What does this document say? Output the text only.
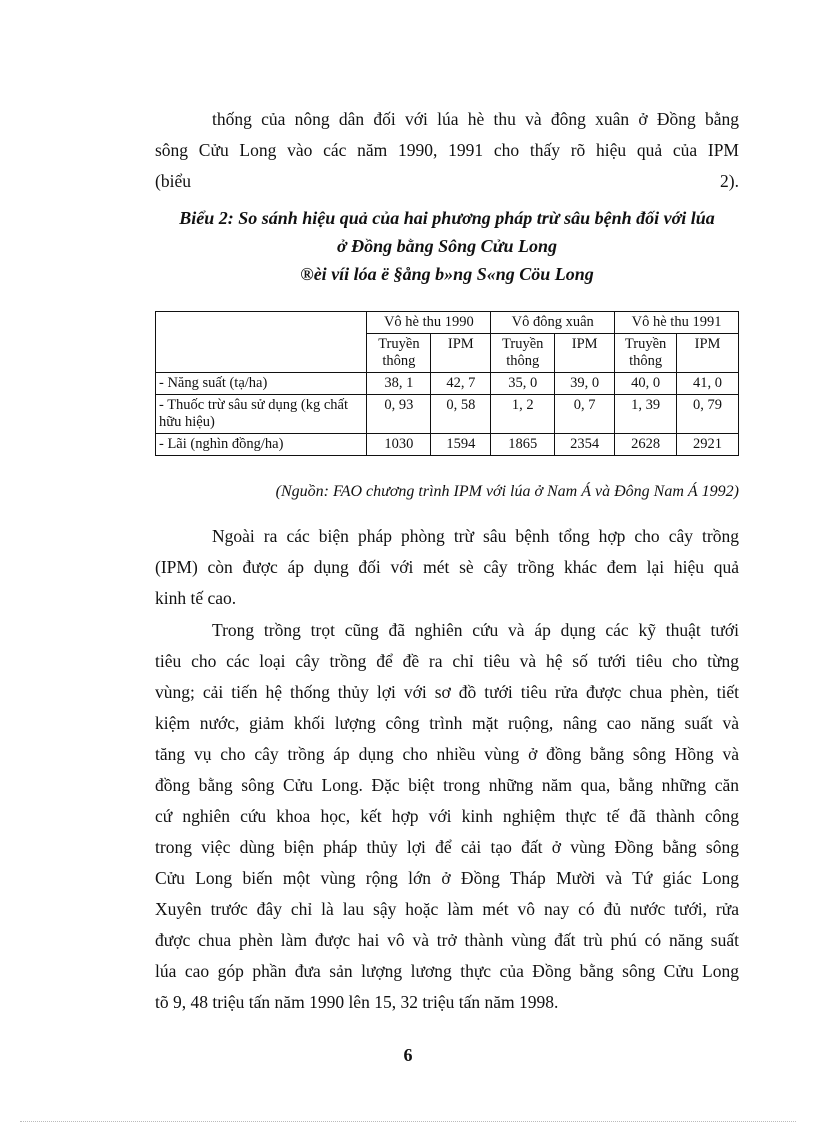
thống của nông dân đối với lúa hè thu và đông xuân ở Đồng bằng
sông Cửu Long vào các năm 1990, 1991 cho thấy rõ hiệu quả của IPM
(biểu                                                                                        2).

Biểu 2: So sánh hiệu quả của hai phương pháp trừ sâu bệnh đối với lúa

ở Đồng bằng Sông Cửu Long

®èi víi lóa ë §ång b»ng S«ng Cöu Long

	Vô hè thu 1990		Vô đông xuân		Vô hè thu 1991	
	Truyền thông	IPM	Truyền thông	IPM	Truyền thông	IPM
- Năng suất (tạ/ha)	38, 1	42, 7	35, 0	39, 0	40, 0	41, 0
- Thuốc trừ sâu sử dụng (kg chất hữu hiệu)	0, 93	0, 58	1, 2	0, 7	1, 39	0, 79
- Lãi (nghìn đồng/ha)	1030	1594	1865	2354	2628	2921

(Nguồn: FAO chương trình IPM với lúa ở Nam Á và Đông Nam Á 1992)

Ngoài ra các biện pháp phòng trừ sâu bệnh tổng hợp cho cây trồng
(IPM) còn được áp dụng đối với mét sè cây trồng khác đem lại hiệu quả
kinh tế cao.
Trong trồng trọt cũng đã nghiên cứu và áp dụng các kỹ thuật tưới
tiêu cho các loại cây trồng để đề ra chỉ tiêu và hệ số tưới tiêu cho từng
vùng; cải tiến hệ thống thủy lợi với sơ đồ tưới tiêu rửa được chua phèn, tiết
kiệm nước, giảm khối lượng công trình mặt ruộng, nâng cao năng suất và
tăng vụ cho cây trồng áp dụng cho nhiều vùng ở đồng bằng sông Hồng và
đồng bằng sông Cửu Long. Đặc biệt trong những năm qua, bằng những căn
cứ nghiên cứu khoa học, kết hợp với kinh nghiệm thực tế đã thành công
trong việc dùng biện pháp thủy lợi để cải tạo đất ở vùng Đồng bằng sông
Cửu Long biến một vùng rộng lớn ở Đồng Tháp Mười và Tứ giác Long
Xuyên trước đây chỉ là lau sậy hoặc làm mét vô nay có đủ nước tưới, rửa
được chua phèn làm được hai vô và trở thành vùng đất trù phú có năng suất
lúa cao góp phần đưa sản lượng lương thực của Đồng bằng sông Cửu Long
tõ 9, 48 triệu tấn năm 1990 lên 15, 32 triệu tấn năm 1998.

6
